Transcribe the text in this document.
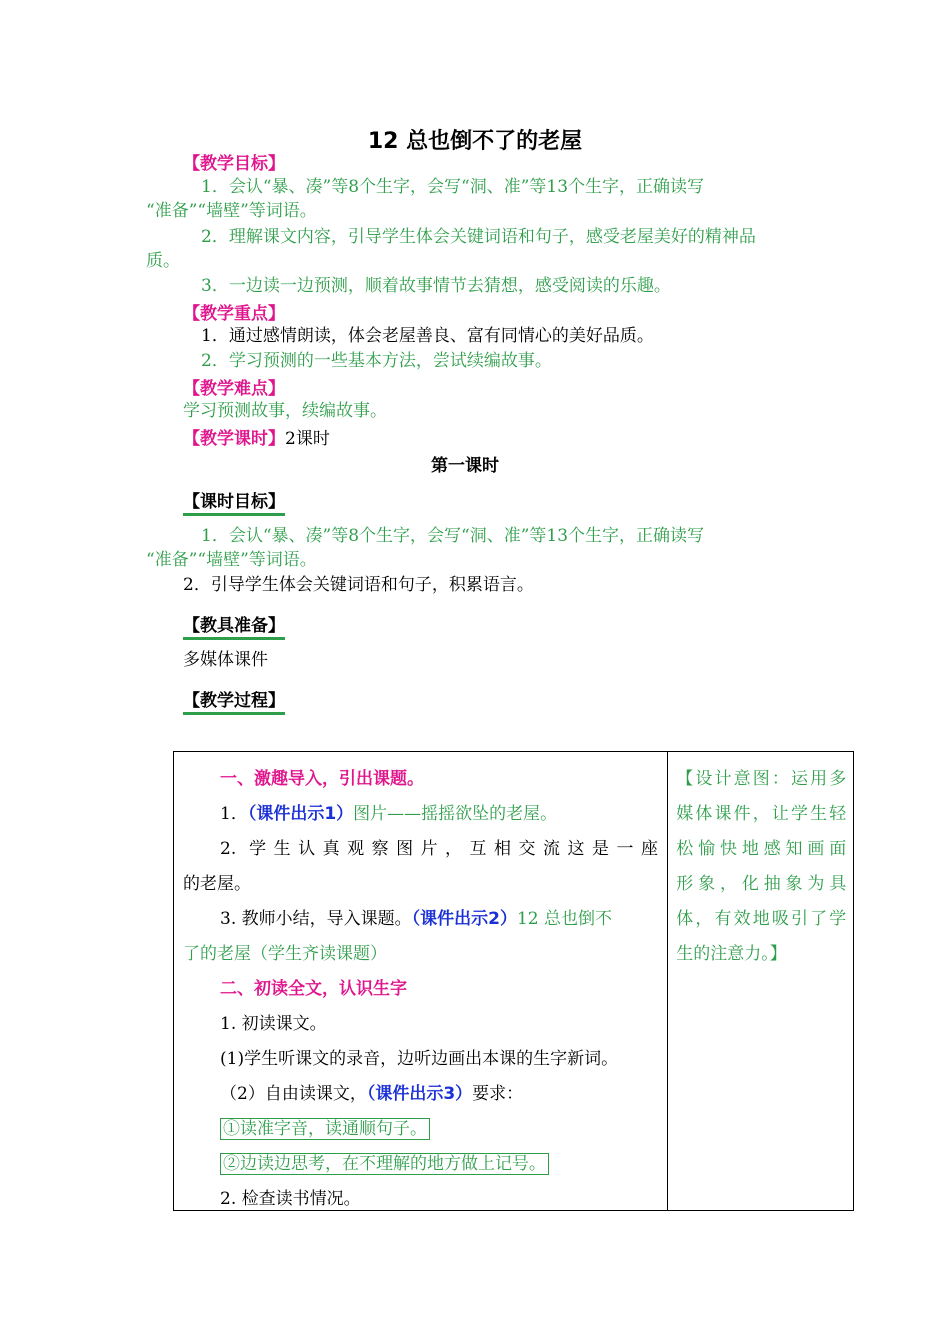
12 总也倒不了的老屋
【教学目标】
1．会认“暴、凑”等8个生字，会写“洞、准”等13个生字，正确读写
“准备”“墙壁”等词语。
2．理解课文内容，引导学生体会关键词语和句子，感受老屋美好的精神品
质。
3．一边读一边预测，顺着故事情节去猜想，感受阅读的乐趣。
【教学重点】
1．通过感情朗读，体会老屋善良、富有同情心的美好品质。
2．学习预测的一些基本方法，尝试续编故事。
【教学难点】
学习预测故事，续编故事。
【教学课时】2课时
第一课时
【课时目标】
1．会认“暴、凑”等8个生字，会写“洞、准”等13个生字，正确读写
“准备”“墙壁”等词语。
2．引导学生体会关键词语和句子，积累语言。
【教具准备】
多媒体课件
【教学过程】
一、激趣导入，引出课题。
1．（课件出示1）图片——摇摇欲坠的老屋。
2. 学生认真观察图片，互相交流这是一座
的老屋。
3. 教师小结，导入课题。（课件出示2）12 总也倒不
了的老屋（学生齐读课题）
二、初读全文，认识生字
1. 初读课文。
(1)学生听课文的录音，边听边画出本课的生字新词。
（2）自由读课文，（课件出示3）要求：
①读准字音，读通顺句子。
②边读边思考，在不理解的地方做上记号。
2. 检查读书情况。

【设计意图：运用多
媒体课件，让学生轻
松愉快地感知画面
形象，化抽象为具
体，有效地吸引了学
生的注意力。】
